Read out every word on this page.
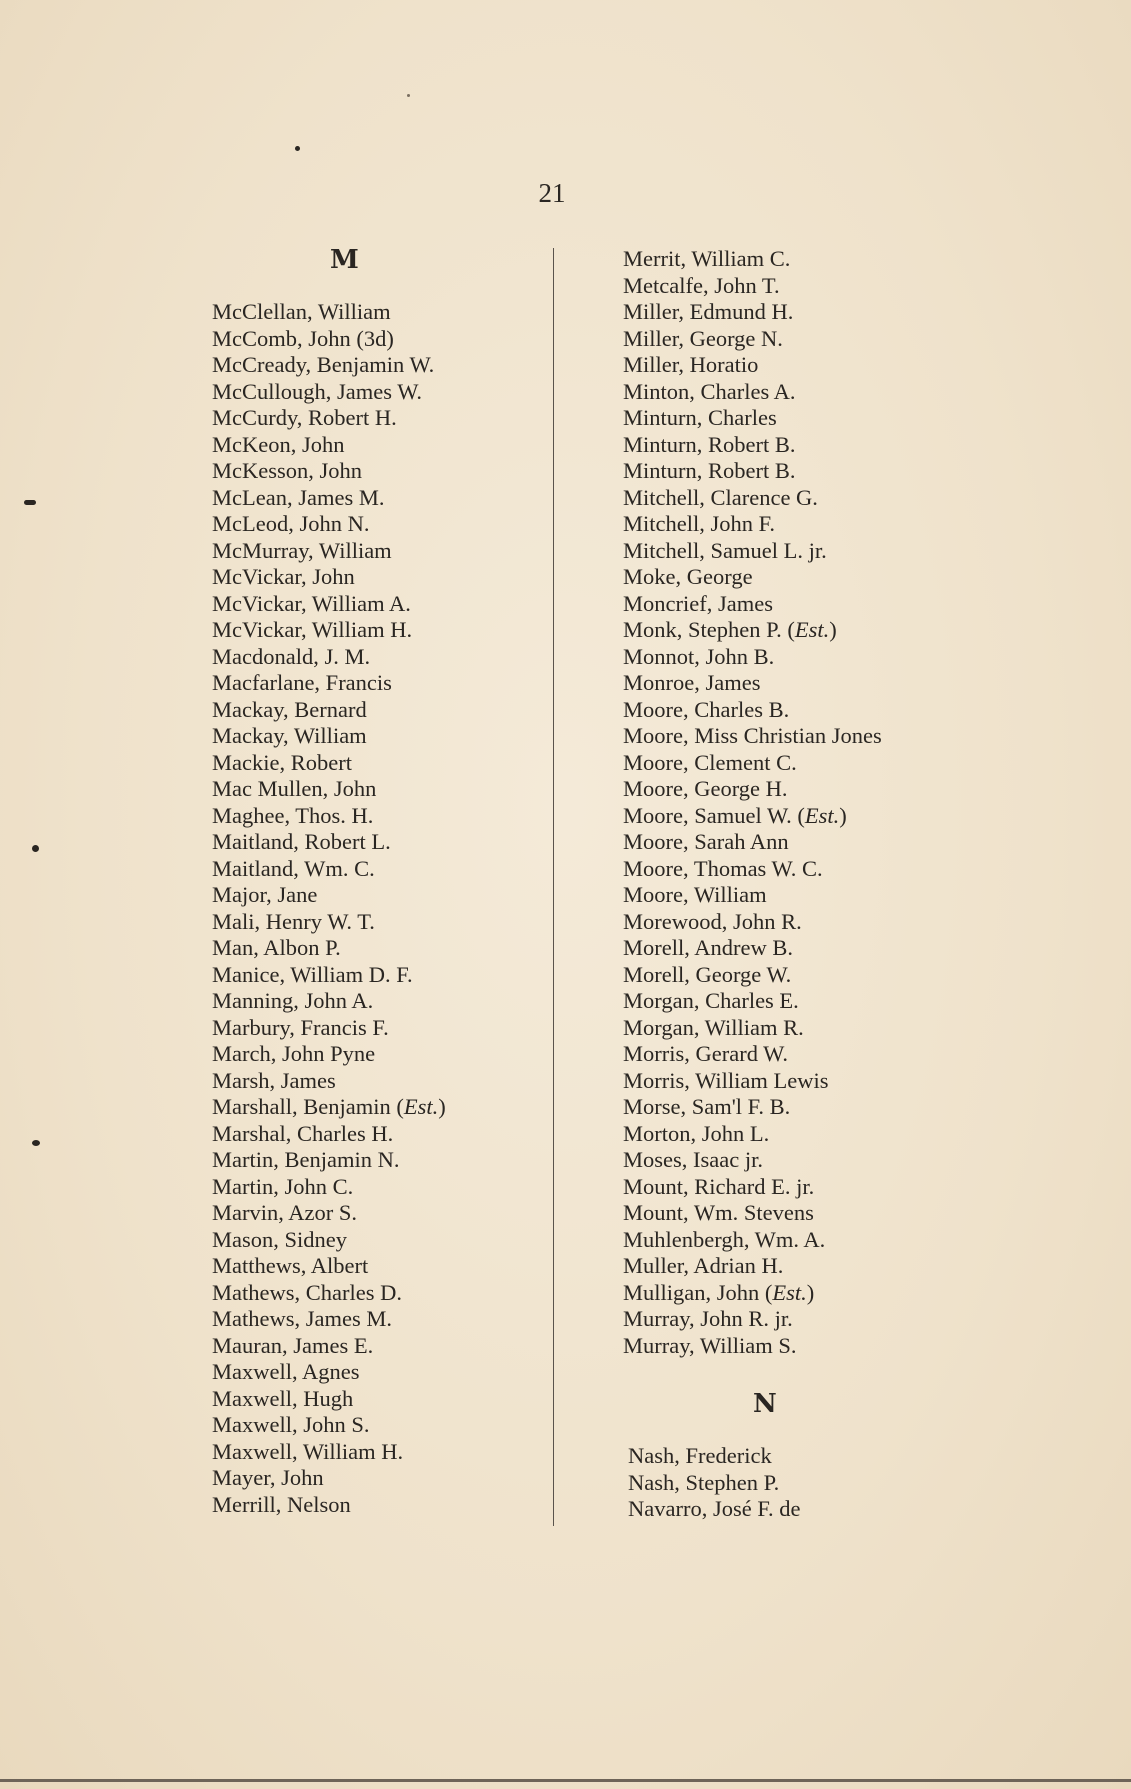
21
M
McClellan, William
McComb, John (3d)
McCready, Benjamin W.
McCullough, James W.
McCurdy, Robert H.
McKeon, John
McKesson, John
McLean, James M.
McLeod, John N.
McMurray, William
McVickar, John
McVickar, William A.
McVickar, William H.
Macdonald, J. M.
Macfarlane, Francis
Mackay, Bernard
Mackay, William
Mackie, Robert
Mac Mullen, John
Maghee, Thos. H.
Maitland, Robert L.
Maitland, Wm. C.
Major, Jane
Mali, Henry W. T.
Man, Albon P.
Manice, William D. F.
Manning, John A.
Marbury, Francis F.
March, John Pyne
Marsh, James
Marshall, Benjamin (Est.)
Marshal, Charles H.
Martin, Benjamin N.
Martin, John C.
Marvin, Azor S.
Mason, Sidney
Matthews, Albert
Mathews, Charles D.
Mathews, James M.
Mauran, James E.
Maxwell, Agnes
Maxwell, Hugh
Maxwell, John S.
Maxwell, William H.
Mayer, John
Merrill, Nelson
Merrit, William C.
Metcalfe, John T.
Miller, Edmund H.
Miller, George N.
Miller, Horatio
Minton, Charles A.
Minturn, Charles
Minturn, Robert B.
Minturn, Robert B.
Mitchell, Clarence G.
Mitchell, John F.
Mitchell, Samuel L. jr.
Moke, George
Moncrief, James
Monk, Stephen P. (Est.)
Monnot, John B.
Monroe, James
Moore, Charles B.
Moore, Miss Christian Jones
Moore, Clement C.
Moore, George H.
Moore, Samuel W. (Est.)
Moore, Sarah Ann
Moore, Thomas W. C.
Moore, William
Morewood, John R.
Morell, Andrew B.
Morell, George W.
Morgan, Charles E.
Morgan, William R.
Morris, Gerard W.
Morris, William Lewis
Morse, Sam'l F. B.
Morton, John L.
Moses, Isaac jr.
Mount, Richard E. jr.
Mount, Wm. Stevens
Muhlenbergh, Wm. A.
Muller, Adrian H.
Mulligan, John (Est.)
Murray, John R. jr.
Murray, William S.
N
Nash, Frederick
Nash, Stephen P.
Navarro, José F. de
